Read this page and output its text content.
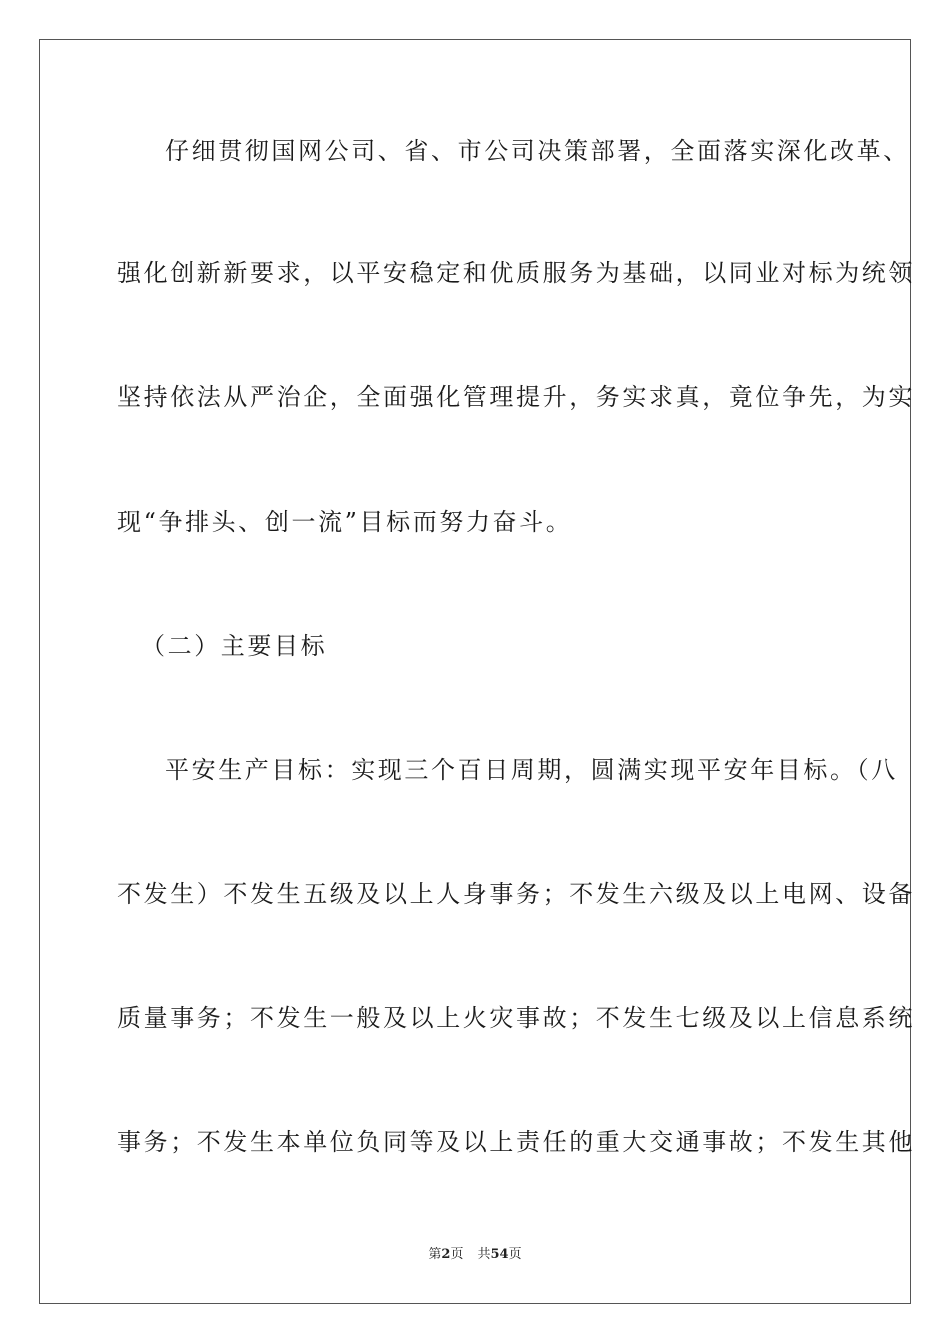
仔细贯彻国网公司、省、市公司决策部署，全面落实深化改革、
强化创新新要求，以平安稳定和优质服务为基础，以同业对标为统领
坚持依法从严治企，全面强化管理提升，务实求真，竟位争先，为实
现“争排头、创一流”目标而努力奋斗。
（二）主要目标
平安生产目标：实现三个百日周期，圆满实现平安年目标。（八
不发生）不发生五级及以上人身事务；不发生六级及以上电网、设备
质量事务；不发生一般及以上火灾事故；不发生七级及以上信息系统
事务；不发生本单位负同等及以上责任的重大交通事故；不发生其他
第2页 共54页
